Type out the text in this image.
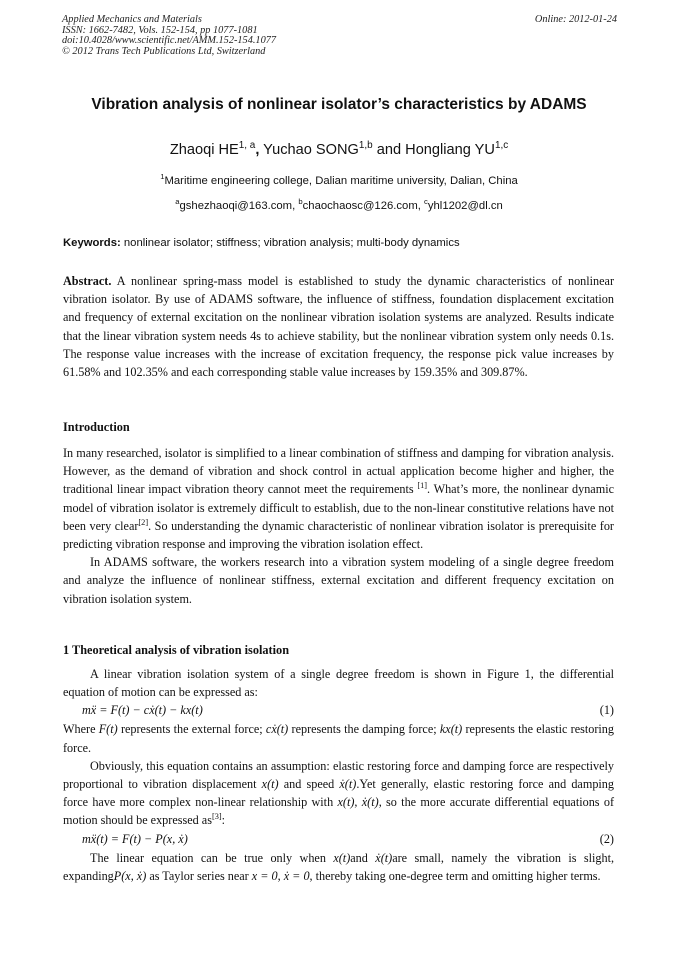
Applied Mechanics and Materials
ISSN: 1662-7482, Vols. 152-154, pp 1077-1081
doi:10.4028/www.scientific.net/AMM.152-154.1077
© 2012 Trans Tech Publications Ltd, Switzerland
Online: 2012-01-24
Vibration analysis of nonlinear isolator’s characteristics by ADAMS
Zhaoqi HE$^{1, a}$, Yuchao SONG$^{1,b}$ and Hongliang YU$^{1,c}$
$^1$Maritime engineering college, Dalian maritime university, Dalian, China
$^a$gshezhaoqi@163.com, $^b$chaochaosc@126.com, $^c$yhl1202@dl.cn
Keywords: nonlinear isolator; stiffness; vibration analysis; multi-body dynamics
Abstract. A nonlinear spring-mass model is established to study the dynamic characteristics of nonlinear vibration isolator. By use of ADAMS software, the influence of stiffness, foundation displacement excitation and frequency of external excitation on the nonlinear vibration isolation systems are analyzed. Results indicate that the linear vibration system needs 4s to achieve stability, but the nonlinear vibration system only needs 0.1s. The response value increases with the increase of excitation frequency, the response pick value increases by 61.58% and 102.35% and each corresponding stable value increases by 159.35% and 309.87%.
Introduction

In many researched, isolator is simplified to a linear combination of stiffness and damping for vibration analysis. However, as the demand of vibration and shock control in actual application become higher and higher, the traditional linear impact vibration theory cannot meet the requirements [1]. What’s more, the nonlinear dynamic model of vibration isolator is extremely difficult to establish, due to the non-linear constitutive relations have not been very clear[2]. So understanding the dynamic characteristic of nonlinear vibration isolator is prerequisite for predicting vibration response and improving the vibration isolation effect.

In ADAMS software, the workers research into a vibration system modeling of a single degree freedom and analyze the influence of nonlinear stiffness, external excitation and different frequency excitation on vibration isolation system.

1 Theoretical analysis of vibration isolation

A linear vibration isolation system of a single degree freedom is shown in Figure 1, the differential equation of motion can be expressed as:

mẍ = F(t) − cẋ(t) − kx(t)	(1)

Where F(t) represents the external force; cẋ(t) represents the damping force; kx(t) represents the elastic restoring force.

Obviously, this equation contains an assumption: elastic restoring force and damping force are respectively proportional to vibration displacement x(t) and speed ẋ(t).Yet generally, elastic restoring force and damping force have more complex non-linear relationship with x(t), ẋ(t), so the more accurate differential equations of motion should be expressed as[3]:

mẍ(t) = F(t) − P(x, ẋ)	(2)

The linear equation can be true only when x(t)and ẋ(t)are small, namely the vibration is slight, expandingP(x, ẋ) as Taylor series near x = 0, ẋ = 0, thereby taking one-degree term and omitting higher terms.
